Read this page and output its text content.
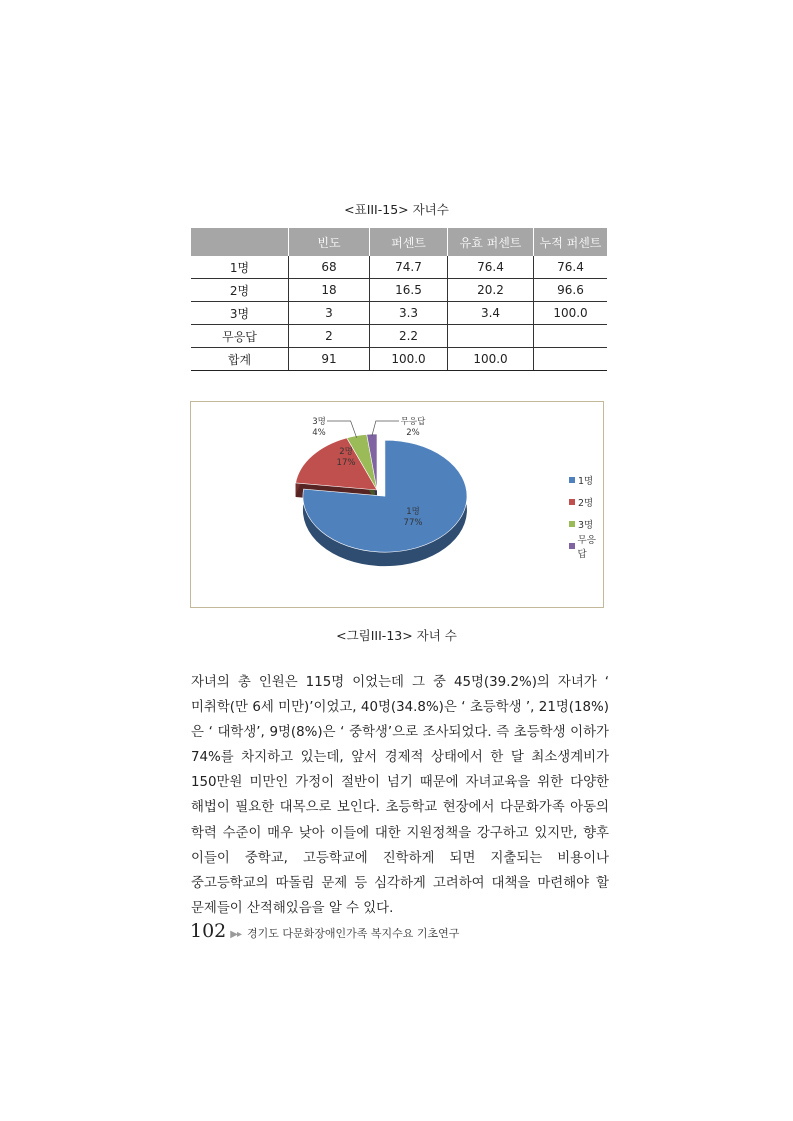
<표III-15> 자녀수
	빈도	퍼센트	유효 퍼센트	누적 퍼센트
1명	68	74.7	76.4	76.4
2명	18	16.5	20.2	96.6
3명	3	3.3	3.4	100.0
무응답	2	2.2		
합계	91	100.0	100.0	
1명
77%
2명
17%
3명
4%
무응답
2%
1명
2명
3명
무응답
<그림III-13> 자녀 수
자녀의 총 인원은 115명 이었는데 그 중 45명(39.2%)의 자녀가 ‘ 미취학(만 6세 미만)’이었고, 40명(34.8%)은 ‘ 초등학생 ’, 21명(18%)은 ‘ 대학생’, 9명(8%)은 ‘ 중학생’으로 조사되었다. 즉 초등학생 이하가 74%를 차지하고 있는데, 앞서 경제적 상태에서 한 달 최소생계비가 150만원 미만인 가정이 절반이 넘기 때문에 자녀교육을 위한 다양한 해법이 필요한 대목으로 보인다. 초등학교 현장에서 다문화가족 아동의 학력 수준이 매우 낮아 이들에 대한 지원정책을 강구하고 있지만, 향후 이들이 중학교, 고등학교에 진학하게 되면 지출되는 비용이나 중고등학교의 따돌림 문제 등 심각하게 고려하여 대책을 마련해야 할 문제들이 산적해있음을 알 수 있다.
102 ▶▸ 경기도 다문화장애인가족 복지수요 기초연구
